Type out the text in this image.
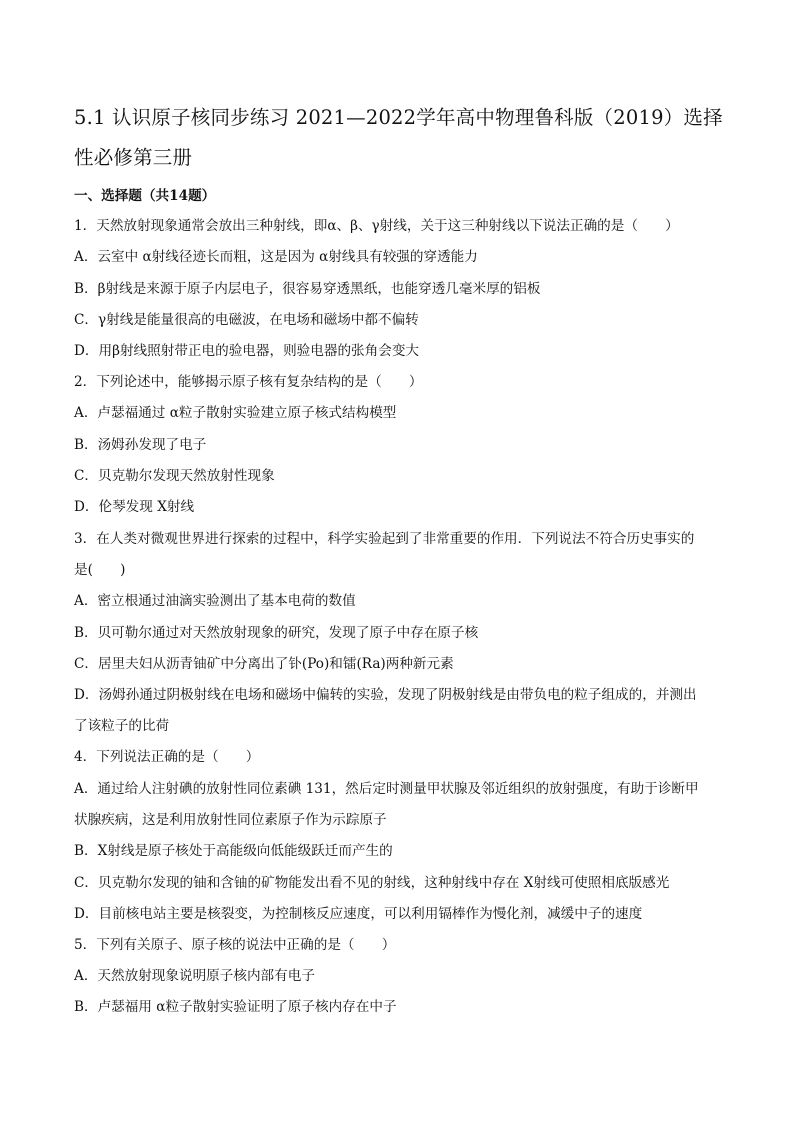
5.1 认识原子核同步练习 2021—2022学年高中物理鲁科版（2019）选择性必修第三册
一、选择题（共14题）
1．天然放射现象通常会放出三种射线，即α、β、γ射线，关于这三种射线以下说法正确的是（　　）
A．云室中 α射线径迹长而粗，这是因为 α射线具有较强的穿透能力
B．β射线是来源于原子内层电子，很容易穿透黑纸，也能穿透几毫米厚的铝板
C．γ射线是能量很高的电磁波，在电场和磁场中都不偏转
D．用β射线照射带正电的验电器，则验电器的张角会变大
2．下列论述中，能够揭示原子核有复杂结构的是（　　）
A．卢瑟福通过 α粒子散射实验建立原子核式结构模型
B．汤姆孙发现了电子
C．贝克勒尔发现天然放射性现象
D．伦琴发现 X射线
3．在人类对微观世界进行探索的过程中，科学实验起到了非常重要的作用．下列说法不符合历史事实的
是(　　)
A．密立根通过油滴实验测出了基本电荷的数值
B．贝可勒尔通过对天然放射现象的研究，发现了原子中存在原子核
C．居里夫妇从沥青铀矿中分离出了钋(Po)和镭(Ra)两种新元素
D．汤姆孙通过阴极射线在电场和磁场中偏转的实验，发现了阴极射线是由带负电的粒子组成的，并测出
了该粒子的比荷
4．下列说法正确的是（　　）
A．通过给人注射碘的放射性同位素碘 131，然后定时测量甲状腺及邻近组织的放射强度，有助于诊断甲
状腺疾病，这是利用放射性同位素原子作为示踪原子
B．X射线是原子核处于高能级向低能级跃迁而产生的
C．贝克勒尔发现的铀和含铀的矿物能发出看不见的射线，这种射线中存在 X射线可使照相底版感光
D．目前核电站主要是核裂变，为控制核反应速度，可以利用镉棒作为慢化剂，减缓中子的速度
5．下列有关原子、原子核的说法中正确的是（　　）
A．天然放射现象说明原子核内部有电子
B．卢瑟福用 α粒子散射实验证明了原子核内存在中子
